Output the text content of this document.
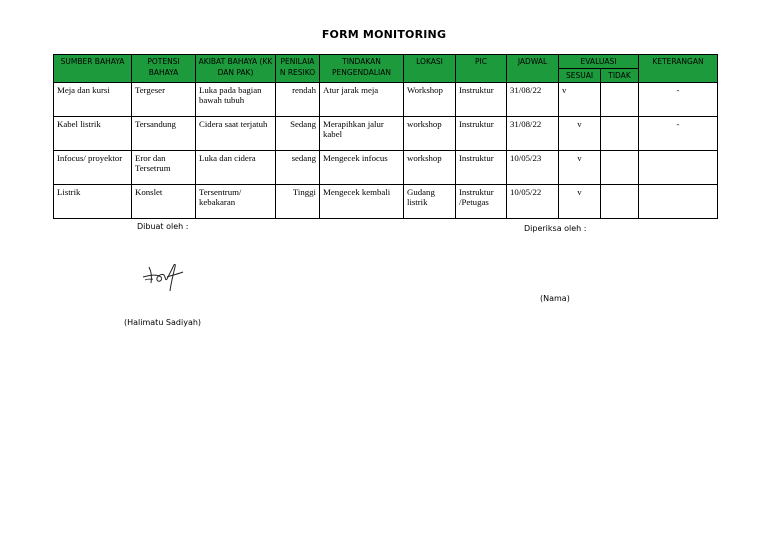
FORM MONITORING
SUMBER BAHAYA	POTENSI BAHAYA	AKIBAT BAHAYA (KK DAN PAK)	PENILAIA N RESIKO	TINDAKAN PENGENDALIAN	LOKASI	PIC	JADWAL	EVALUASI		KETERANGAN
								SESUAI	TIDAK	
Meja dan kursi	Tergeser	Luka pada bagian bawah tubuh	rendah	Atur jarak meja	Workshop	Instruktur	31/08/22	v		-
Kabel listrik	Tersandung	Cidera saat terjatuh	Sedang	Merapihkan jalur kabel	workshop	Instruktur	31/08/22	v		-
Infocus/ proyektor	Eror dan Tersetrum	Luka dan cidera	sedang	Mengecek infocus	workshop	Instruktur	10/05/23	v		
Listrik	Konslet	Tersentrum/ kebakaran	Tinggi	Mengecek kembali	Gudang listrik	Instruktur /Petugas	10/05/22	v		
Dibuat oleh :
(Halimatu Sadiyah)
Diperiksa oleh :
(Nama)
